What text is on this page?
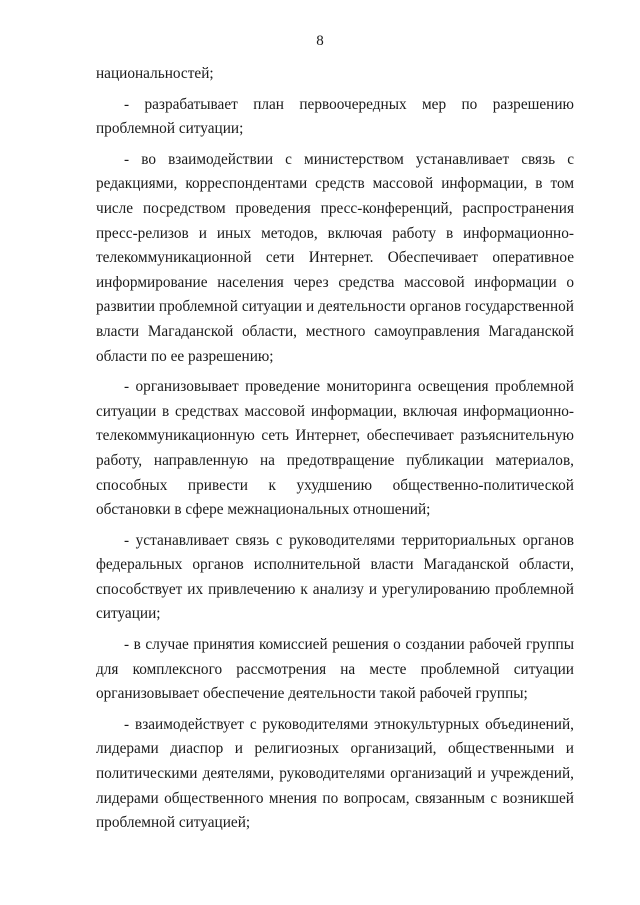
8

национальностей;

- разрабатывает план первоочередных мер по разрешению проблемной ситуации;

- во взаимодействии с министерством устанавливает связь с редакциями, корреспондентами средств массовой информации, в том числе посредством проведения пресс-конференций, распространения пресс-релизов и иных методов, включая работу в информационно-телекоммуникационной сети Интернет. Обеспечивает оперативное информирование населения через средства массовой информации о развитии проблемной ситуации и деятельности органов государственной власти Магаданской области, местного самоуправления Магаданской области по ее разрешению;

- организовывает проведение мониторинга освещения проблемной ситуации в средствах массовой информации, включая информационно-телекоммуникационную сеть Интернет, обеспечивает разъяснительную работу, направленную на предотвращение публикации материалов, способных привести к ухудшению общественно-политической обстановки в сфере межнациональных отношений;

- устанавливает связь с руководителями территориальных органов федеральных органов исполнительной власти Магаданской области, способствует их привлечению к анализу и урегулированию проблемной ситуации;

- в случае принятия комиссией решения о создании рабочей группы для комплексного рассмотрения на месте проблемной ситуации организовывает обеспечение деятельности такой рабочей группы;

- взаимодействует с руководителями этнокультурных объединений, лидерами диаспор и религиозных организаций, общественными и политическими деятелями, руководителями организаций и учреждений, лидерами общественного мнения по вопросам, связанным с возникшей проблемной ситуацией;
